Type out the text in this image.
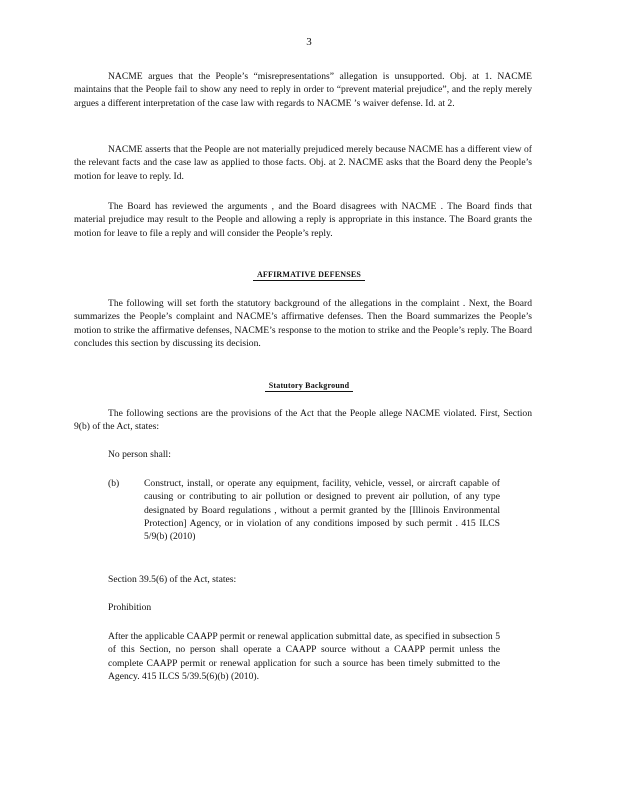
3

NACME argues that the People’s “misrepresentations” allegation is unsupported. Obj. at 1. NACME maintains that the People fail to show any need to reply in order to “prevent material prejudice”, and the reply merely argues a different interpretation of the case law with regards to NACME ’s waiver defense. Id. at 2.

NACME asserts that the People are not materially prejudiced merely because NACME has a different view of the relevant facts and the case law as applied to those facts. Obj. at 2. NACME asks that the Board deny the People’s motion for leave to reply. Id.

The Board has reviewed the arguments , and the Board disagrees with NACME . The Board finds that material prejudice may result to the People and allowing a reply is appropriate in this instance. The Board grants the motion for leave to file a reply and will consider the People’s reply.

AFFIRMATIVE DEFENSES

The following will set forth the statutory background of the allegations in the complaint . Next, the Board summarizes the People’s complaint and NACME’s affirmative defenses. Then the Board summarizes the People’s motion to strike the affirmative defenses, NACME’s response to the motion to strike and the People’s reply. The Board concludes this section by discussing its decision.

Statutory Background

The following sections are the provisions of the Act that the People allege NACME violated. First, Section 9(b) of the Act, states:

No person shall:

(b)	Construct, install, or operate any equipment, facility, vehicle, vessel, or aircraft capable of causing or contributing to air pollution or designed to prevent air pollution, of any type designated by Board regulations , without a permit granted by the [Illinois Environmental Protection] Agency, or in violation of any conditions imposed by such permit . 415 ILCS 5/9(b) (2010)

Section 39.5(6) of the Act, states:

Prohibition

After the applicable CAAPP permit or renewal application submittal date, as specified in subsection 5 of this Section, no person shall operate a CAAPP source without a CAAPP permit unless the complete CAAPP permit or renewal application for such a source has been timely submitted to the Agency. 415 ILCS 5/39.5(6)(b) (2010).
